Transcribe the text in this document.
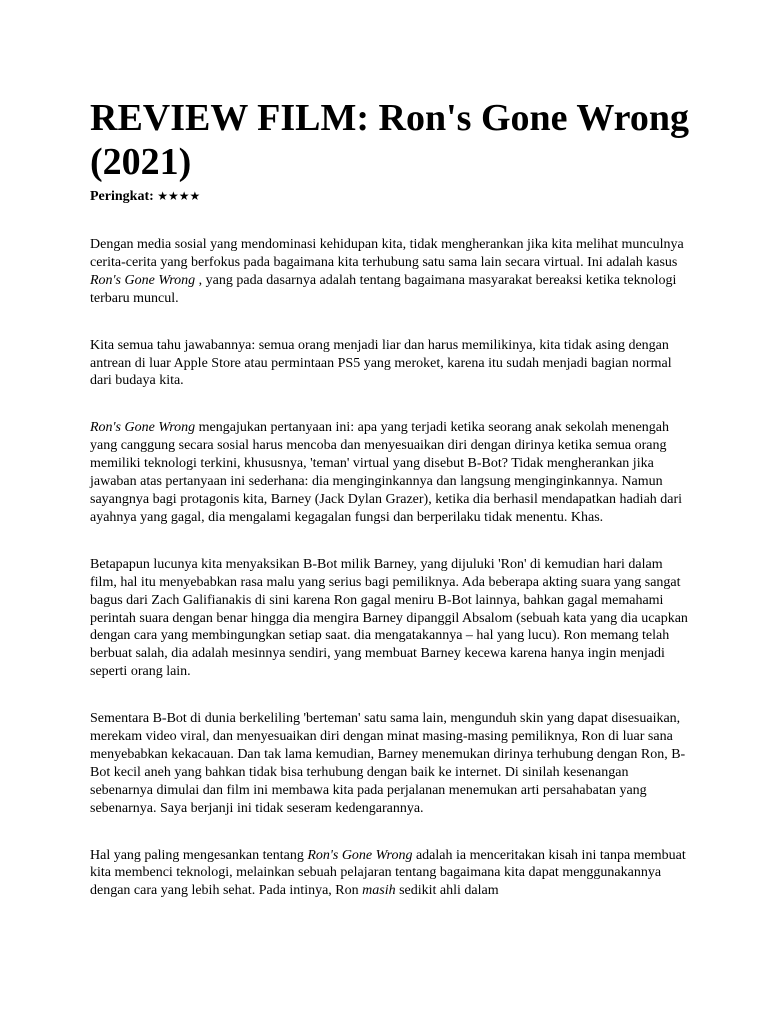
REVIEW FILM: Ron's Gone Wrong (2021)
Peringkat: ★★★★

Dengan media sosial yang mendominasi kehidupan kita, tidak mengherankan jika kita melihat munculnya cerita-cerita yang berfokus pada bagaimana kita terhubung satu sama lain secara virtual. Ini adalah kasus Ron's Gone Wrong , yang pada dasarnya adalah tentang bagaimana masyarakat bereaksi ketika teknologi terbaru muncul.

Kita semua tahu jawabannya: semua orang menjadi liar dan harus memilikinya, kita tidak asing dengan antrean di luar Apple Store atau permintaan PS5 yang meroket, karena itu sudah menjadi bagian normal dari budaya kita.

Ron's Gone Wrong mengajukan pertanyaan ini: apa yang terjadi ketika seorang anak sekolah menengah yang canggung secara sosial harus mencoba dan menyesuaikan diri dengan dirinya ketika semua orang memiliki teknologi terkini, khususnya, 'teman' virtual yang disebut B-Bot? Tidak mengherankan jika jawaban atas pertanyaan ini sederhana: dia menginginkannya dan langsung menginginkannya. Namun sayangnya bagi protagonis kita, Barney (Jack Dylan Grazer), ketika dia berhasil mendapatkan hadiah dari ayahnya yang gagal, dia mengalami kegagalan fungsi dan berperilaku tidak menentu. Khas.

Betapapun lucunya kita menyaksikan B-Bot milik Barney, yang dijuluki 'Ron' di kemudian hari dalam film, hal itu menyebabkan rasa malu yang serius bagi pemiliknya. Ada beberapa akting suara yang sangat bagus dari Zach Galifianakis di sini karena Ron gagal meniru B-Bot lainnya, bahkan gagal memahami perintah suara dengan benar hingga dia mengira Barney dipanggil Absalom (sebuah kata yang dia ucapkan dengan cara yang membingungkan setiap saat. dia mengatakannya – hal yang lucu). Ron memang telah berbuat salah, dia adalah mesinnya sendiri, yang membuat Barney kecewa karena hanya ingin menjadi seperti orang lain.

Sementara B-Bot di dunia berkeliling 'berteman' satu sama lain, mengunduh skin yang dapat disesuaikan, merekam video viral, dan menyesuaikan diri dengan minat masing-masing pemiliknya, Ron di luar sana menyebabkan kekacauan. Dan tak lama kemudian, Barney menemukan dirinya terhubung dengan Ron, B-Bot kecil aneh yang bahkan tidak bisa terhubung dengan baik ke internet. Di sinilah kesenangan sebenarnya dimulai dan film ini membawa kita pada perjalanan menemukan arti persahabatan yang sebenarnya. Saya berjanji ini tidak seseram kedengarannya.

Hal yang paling mengesankan tentang Ron's Gone Wrong adalah ia menceritakan kisah ini tanpa membuat kita membenci teknologi, melainkan sebuah pelajaran tentang bagaimana kita dapat menggunakannya dengan cara yang lebih sehat. Pada intinya, Ron masih sedikit ahli dalam
